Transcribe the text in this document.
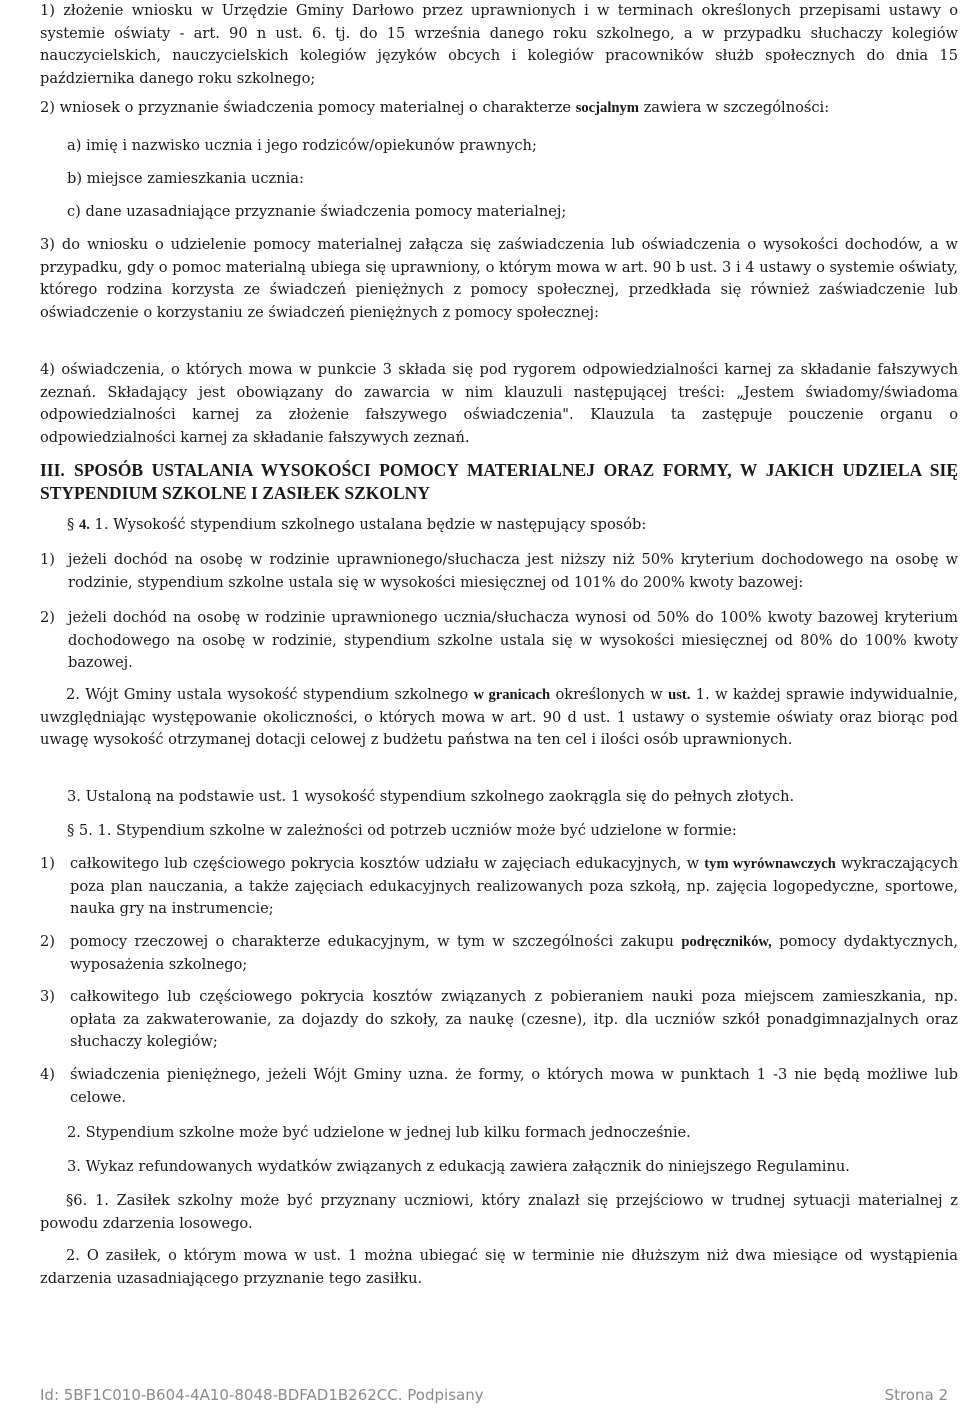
1) złożenie wniosku w Urzędzie Gminy Darłowo przez uprawnionych i w terminach określonych przepisami ustawy o systemie oświaty - art. 90 n ust. 6. tj. do 15 września danego roku szkolnego, a w przypadku słuchaczy kolegiów nauczycielskich, nauczycielskich kolegiów języków obcych i kolegiów pracowników służb społecznych do dnia 15 października danego roku szkolnego;

2) wniosek o przyznanie świadczenia pomocy materialnej o charakterze socjalnym zawiera w szczególności:

a) imię i nazwisko ucznia i jego rodziców/opiekunów prawnych;

b) miejsce zamieszkania ucznia:

c) dane uzasadniające przyznanie świadczenia pomocy materialnej;

3) do wniosku o udzielenie pomocy materialnej załącza się zaświadczenia lub oświadczenia o wysokości dochodów, a w przypadku, gdy o pomoc materialną ubiega się uprawniony, o którym mowa w art. 90 b ust. 3 i 4 ustawy o systemie oświaty, którego rodzina korzysta ze świadczeń pieniężnych z pomocy społecznej, przedkłada się również zaświadczenie lub oświadczenie o korzystaniu ze świadczeń pieniężnych z pomocy społecznej:

4) oświadczenia, o których mowa w punkcie 3 składa się pod rygorem odpowiedzialności karnej za składanie fałszywych zeznań. Składający jest obowiązany do zawarcia w nim klauzuli następującej treści: „Jestem świadomy/świadoma odpowiedzialności karnej za złożenie fałszywego oświadczenia". Klauzula ta zastępuje pouczenie organu o odpowiedzialności karnej za składanie fałszywych zeznań.

III. SPOSÓB USTALANIA WYSOKOŚCI POMOCY MATERIALNEJ ORAZ FORMY, W JAKICH UDZIELA SIĘ STYPENDIUM SZKOLNE I ZASIŁEK SZKOLNY

§ 4. 1. Wysokość stypendium szkolnego ustalana będzie w następujący sposób:

1) jeżeli dochód na osobę w rodzinie uprawnionego/słuchacza jest niższy niż 50% kryterium dochodowego na osobę w rodzinie, stypendium szkolne ustala się w wysokości miesięcznej od 101% do 200% kwoty bazowej:
2) jeżeli dochód na osobę w rodzinie uprawnionego ucznia/słuchacza wynosi od 50% do 100% kwoty bazowej kryterium dochodowego na osobę w rodzinie, stypendium szkolne ustala się w wysokości miesięcznej od 80% do 100% kwoty bazowej.

2. Wójt Gminy ustala wysokość stypendium szkolnego w granicach określonych w ust. 1. w każdej sprawie indywidualnie, uwzględniając występowanie okoliczności, o których mowa w art. 90 d ust. 1 ustawy o systemie oświaty oraz biorąc pod uwagę wysokość otrzymanej dotacji celowej z budżetu państwa na ten cel i ilości osób uprawnionych.

3. Ustaloną na podstawie ust. 1 wysokość stypendium szkolnego zaokrągla się do pełnych złotych.

§ 5. 1. Stypendium szkolne w zależności od potrzeb uczniów może być udzielone w formie:

1) całkowitego lub częściowego pokrycia kosztów udziału w zajęciach edukacyjnych, w tym wyrównawczych wykraczających poza plan nauczania, a także zajęciach edukacyjnych realizowanych poza szkołą, np. zajęcia logopedyczne, sportowe, nauka gry na instrumencie;
2) pomocy rzeczowej o charakterze edukacyjnym, w tym w szczególności zakupu podręczników, pomocy dydaktycznych, wyposażenia szkolnego;
3) całkowitego lub częściowego pokrycia kosztów związanych z pobieraniem nauki poza miejscem zamieszkania, np. opłata za zakwaterowanie, za dojazdy do szkoły, za naukę (czesne), itp. dla uczniów szkół ponadgimnazjalnych oraz słuchaczy kolegiów;
4) świadczenia pieniężnego, jeżeli Wójt Gminy uzna. że formy, o których mowa w punktach 1 -3 nie będą możliwe lub celowe.

2. Stypendium szkolne może być udzielone w jednej lub kilku formach jednocześnie.

3. Wykaz refundowanych wydatków związanych z edukacją zawiera załącznik do niniejszego Regulaminu.

§6. 1. Zasiłek szkolny może być przyznany uczniowi, który znalazł się przejściowo w trudnej sytuacji materialnej z powodu zdarzenia losowego.

2. O zasiłek, o którym mowa w ust. 1 można ubiegać się w terminie nie dłuższym niż dwa miesiące od wystąpienia zdarzenia uzasadniającego przyznanie tego zasiłku.

Id: 5BF1C010-B604-4A10-8048-BDFAD1B262CC. Podpisany	Strona 2
